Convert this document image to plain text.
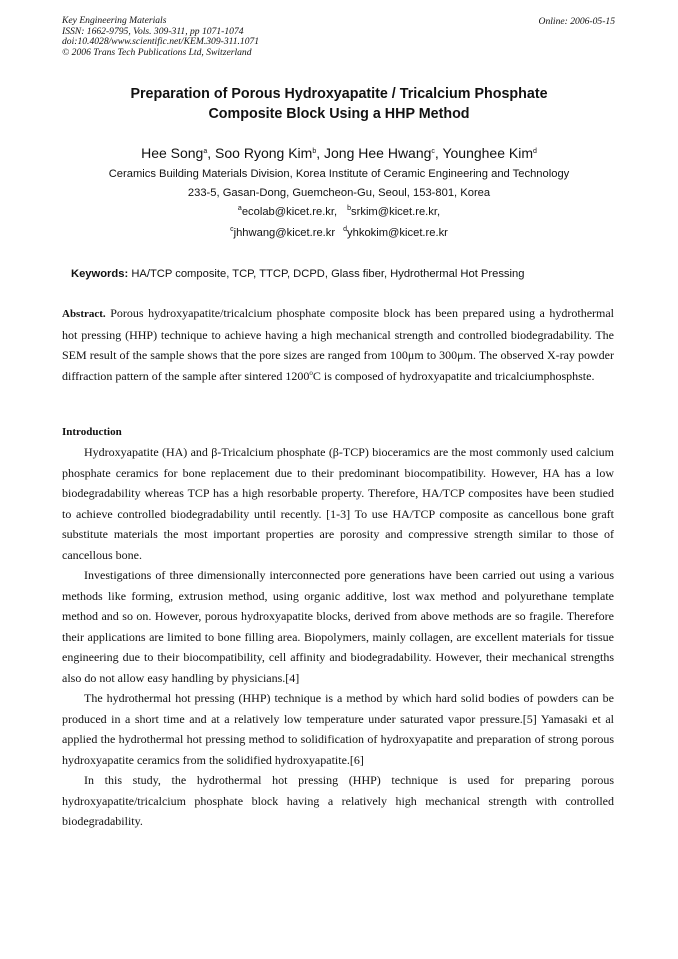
Key Engineering Materials
ISSN: 1662-9795, Vols. 309-311, pp 1071-1074
doi:10.4028/www.scientific.net/KEM.309-311.1071
© 2006 Trans Tech Publications Ltd, Switzerland
Online: 2006-05-15
Preparation of Porous Hydroxyapatite / Tricalcium Phosphate
Composite Block Using a HHP Method
Hee Song$^a$, Soo Ryong Kim$^b$, Jong Hee Hwang$^c$, Younghee Kim$^d$
Ceramics Building Materials Division, Korea Institute of Ceramic Engineering and Technology
233-5, Gasan-Dong, Guemcheon-Gu, Seoul, 153-801, Korea
$^a$ecolab@kicet.re.kr, $^b$srkim@kicet.re.kr,
$^c$jhhwang@kicet.re.kr $^d$yhkokim@kicet.re.kr
Keywords: HA/TCP composite, TCP, TTCP, DCPD, Glass fiber, Hydrothermal Hot Pressing

Abstract. Porous hydroxyapatite/tricalcium phosphate composite block has been prepared using a hydrothermal hot pressing (HHP) technique to achieve having a high mechanical strength and controlled biodegradability. The SEM result of the sample shows that the pore sizes are ranged from 100μm to 300μm. The observed X-ray powder diffraction pattern of the sample after sintered 1200$^o$C is composed of hydroxyapatite and tricalciumphosphste.

Introduction

Hydroxyapatite (HA) and β-Tricalcium phosphate (β-TCP) bioceramics are the most commonly used calcium phosphate ceramics for bone replacement due to their predominant biocompatibility. However, HA has a low biodegradability whereas TCP has a high resorbable property. Therefore, HA/TCP composites have been studied to achieve controlled biodegradability until recently. [1-3] To use HA/TCP composite as cancellous bone graft substitute materials the most important properties are porosity and compressive strength similar to those of cancellous bone.

Investigations of three dimensionally interconnected pore generations have been carried out using a various methods like forming, extrusion method, using organic additive, lost wax method and polyurethane template method and so on. However, porous hydroxyapatite blocks, derived from above methods are so fragile. Therefore their applications are limited to bone filling area. Biopolymers, mainly collagen, are excellent materials for tissue engineering due to their biocompatibility, cell affinity and biodegradability. However, their mechanical strengths also do not allow easy handling by physicians.[4]

The hydrothermal hot pressing (HHP) technique is a method by which hard solid bodies of powders can be produced in a short time and at a relatively low temperature under saturated vapor pressure.[5] Yamasaki et al applied the hydrothermal hot pressing method to solidification of hydroxyapatite and preparation of strong porous hydroxyapatite ceramics from the solidified hydroxyapatite.[6]

In this study, the hydrothermal hot pressing (HHP) technique is used for preparing porous hydroxyapatite/tricalcium phosphate block having a relatively high mechanical strength with controlled biodegradability.
